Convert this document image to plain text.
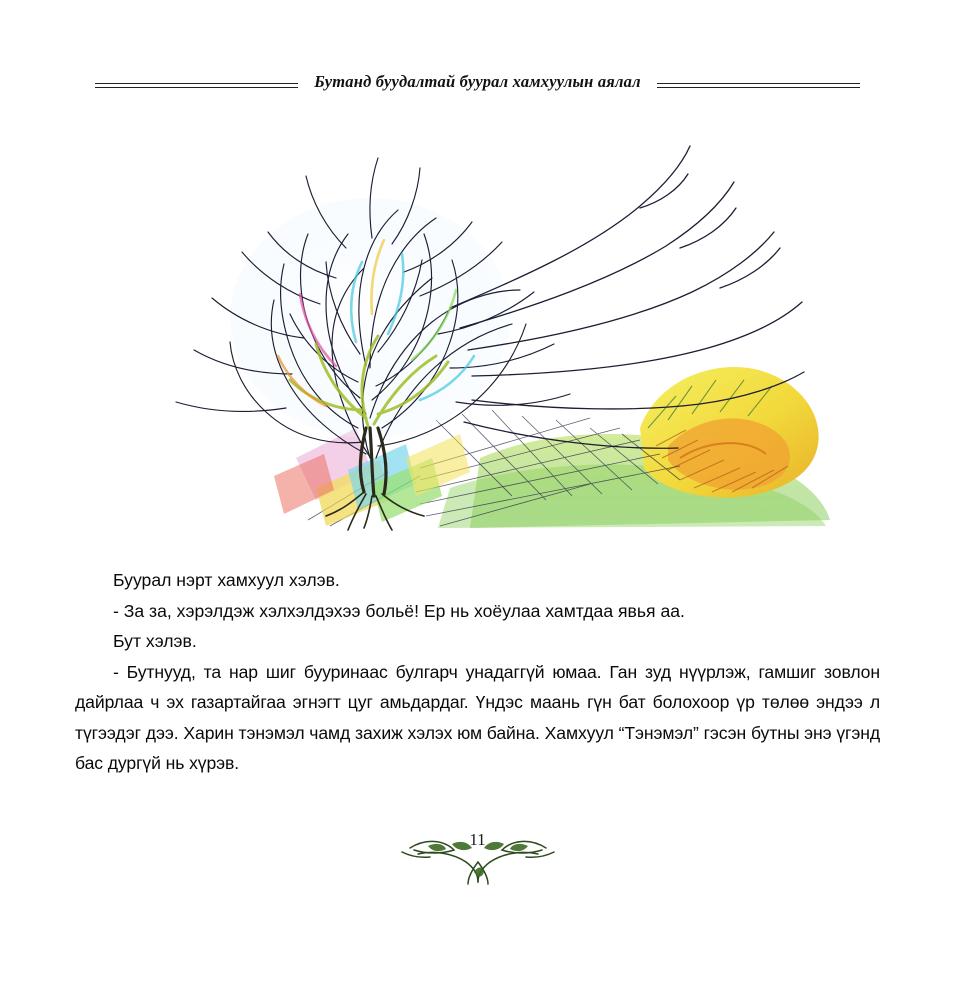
Бутанд буудалтай буурал хамхуулын аялал

Буурал нэрт хамхуул хэлэв.

- За за, хэрэлдэж хэлхэлдэхээ больё! Ер нь хоёулаа хамтдаа явья аа.

Бут хэлэв.

- Бутнууд, та нар шиг бууринаас булгарч унадаггүй юмаа. Ган зуд нүүрлэж, гамшиг зовлон дайрлаа ч эх газартайгаа эгнэгт цуг амьдардаг. Үндэс маань гүн бат болохоор үр төлөө эндээ л түгээдэг дээ. Харин тэнэмэл чамд захиж хэлэх юм байна. Хамхуул “Тэнэмэл” гэсэн бутны энэ үгэнд бас дургүй нь хүрэв.

11
